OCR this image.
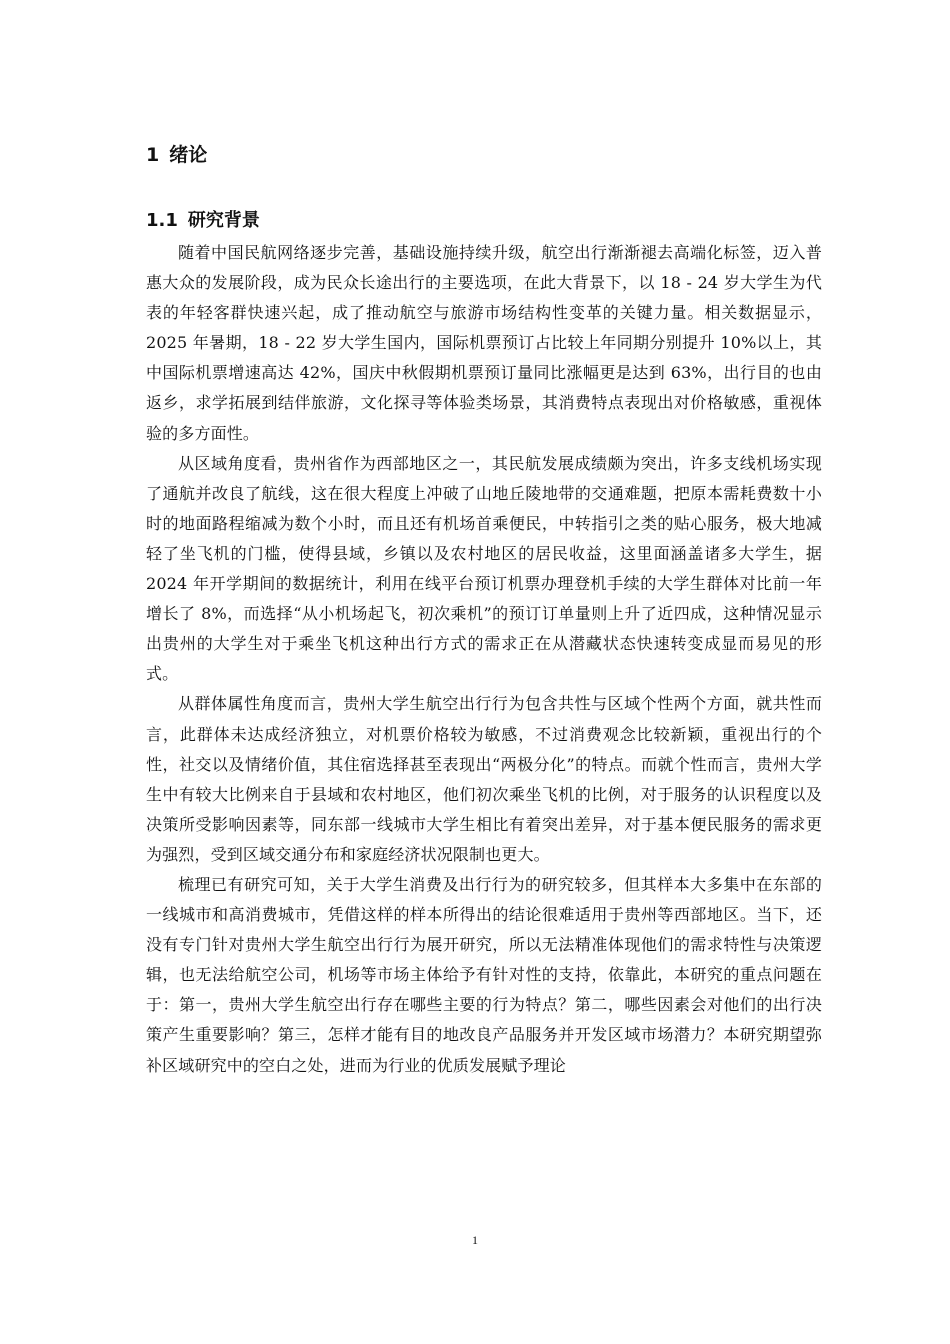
1 绪论
1.1 研究背景

随着中国民航网络逐步完善，基础设施持续升级，航空出行渐渐褪去高端化标签，迈入普惠大众的发展阶段，成为民众长途出行的主要选项，在此大背景下，以 18 - 24 岁大学生为代表的年轻客群快速兴起，成了推动航空与旅游市场结构性变革的关键力量。相关数据显示，2025 年暑期，18 - 22 岁大学生国内，国际机票预订占比较上年同期分别提升 10%以上，其中国际机票增速高达 42%，国庆中秋假期机票预订量同比涨幅更是达到 63%，出行目的也由返乡，求学拓展到结伴旅游，文化探寻等体验类场景，其消费特点表现出对价格敏感，重视体验的多方面性。

从区域角度看，贵州省作为西部地区之一，其民航发展成绩颇为突出，许多支线机场实现了通航并改良了航线，这在很大程度上冲破了山地丘陵地带的交通难题，把原本需耗费数十小时的地面路程缩减为数个小时，而且还有机场首乘便民，中转指引之类的贴心服务，极大地减轻了坐飞机的门槛，使得县域，乡镇以及农村地区的居民收益，这里面涵盖诸多大学生，据 2024 年开学期间的数据统计，利用在线平台预订机票办理登机手续的大学生群体对比前一年增长了 8%，而选择“从小机场起飞，初次乘机”的预订订单量则上升了近四成，这种情况显示出贵州的大学生对于乘坐飞机这种出行方式的需求正在从潜藏状态快速转变成显而易见的形式。

从群体属性角度而言，贵州大学生航空出行行为包含共性与区域个性两个方面，就共性而言，此群体未达成经济独立，对机票价格较为敏感，不过消费观念比较新颖，重视出行的个性，社交以及情绪价值，其住宿选择甚至表现出“两极分化”的特点。而就个性而言，贵州大学生中有较大比例来自于县域和农村地区，他们初次乘坐飞机的比例，对于服务的认识程度以及决策所受影响因素等，同东部一线城市大学生相比有着突出差异，对于基本便民服务的需求更为强烈，受到区域交通分布和家庭经济状况限制也更大。

梳理已有研究可知，关于大学生消费及出行行为的研究较多，但其样本大多集中在东部的一线城市和高消费城市，凭借这样的样本所得出的结论很难适用于贵州等西部地区。当下，还没有专门针对贵州大学生航空出行行为展开研究，所以无法精准体现他们的需求特性与决策逻辑，也无法给航空公司，机场等市场主体给予有针对性的支持，依靠此，本研究的重点问题在于：第一，贵州大学生航空出行存在哪些主要的行为特点？第二，哪些因素会对他们的出行决策产生重要影响？第三，怎样才能有目的地改良产品服务并开发区域市场潜力？本研究期望弥补区域研究中的空白之处，进而为行业的优质发展赋予理论

1
